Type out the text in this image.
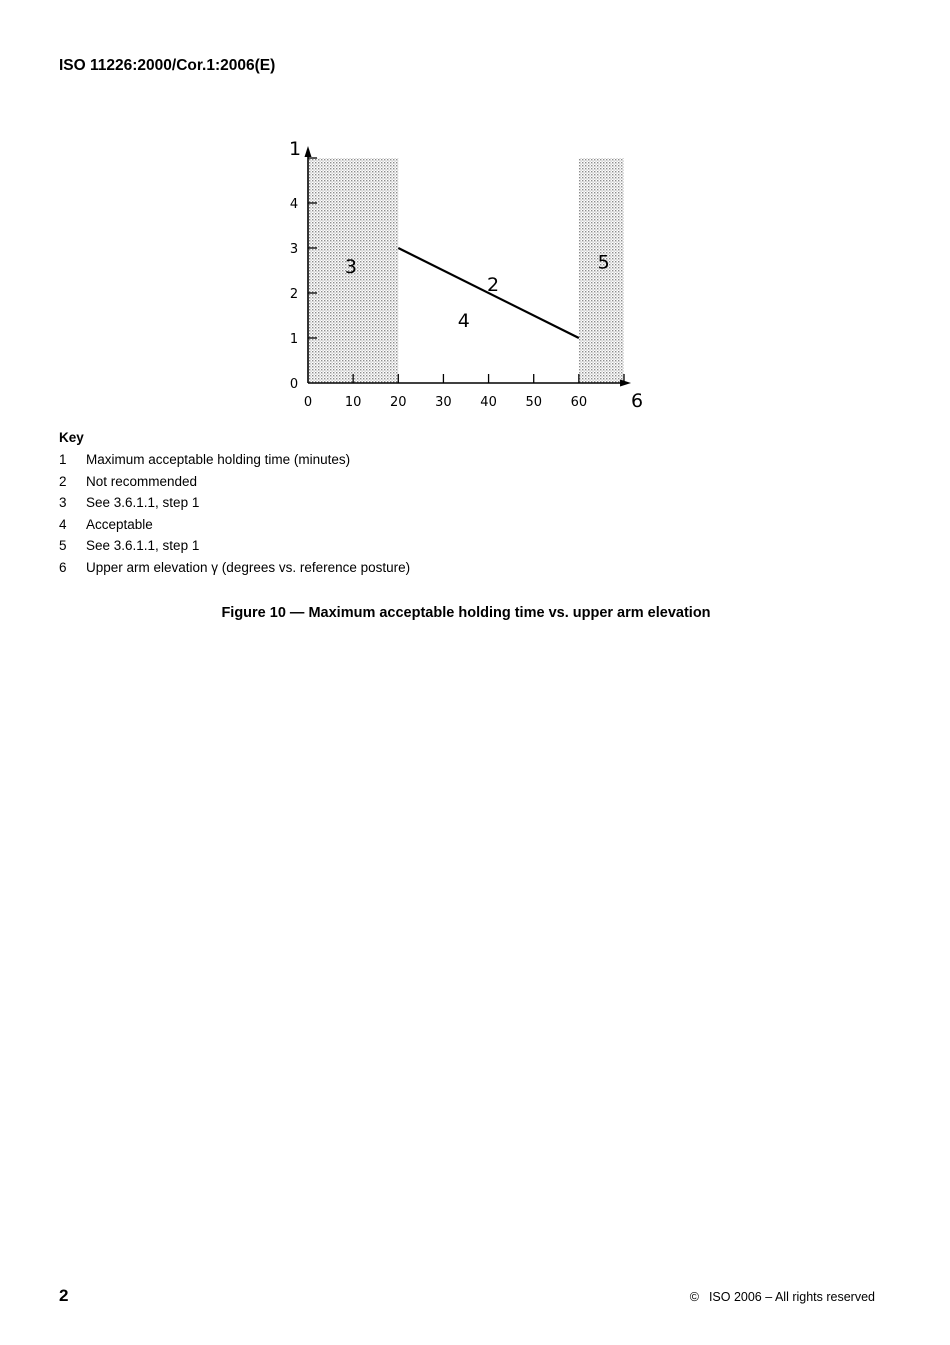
ISO 11226:2000/Cor.1:2006(E)
0	10 20 30 40 50 60
0
1
2
3
4
1
6
3	5
2
4
Key
1 Maximum acceptable holding time (minutes)
2 Not recommended
3 See 3.6.1.1, step 1
4 Acceptable
5 See 3.6.1.1, step 1
6 Upper arm elevation γ (degrees vs. reference posture)
Figure 10 — Maximum acceptable holding time vs. upper arm elevation
2	© ISO 2006 – All rights reserved
